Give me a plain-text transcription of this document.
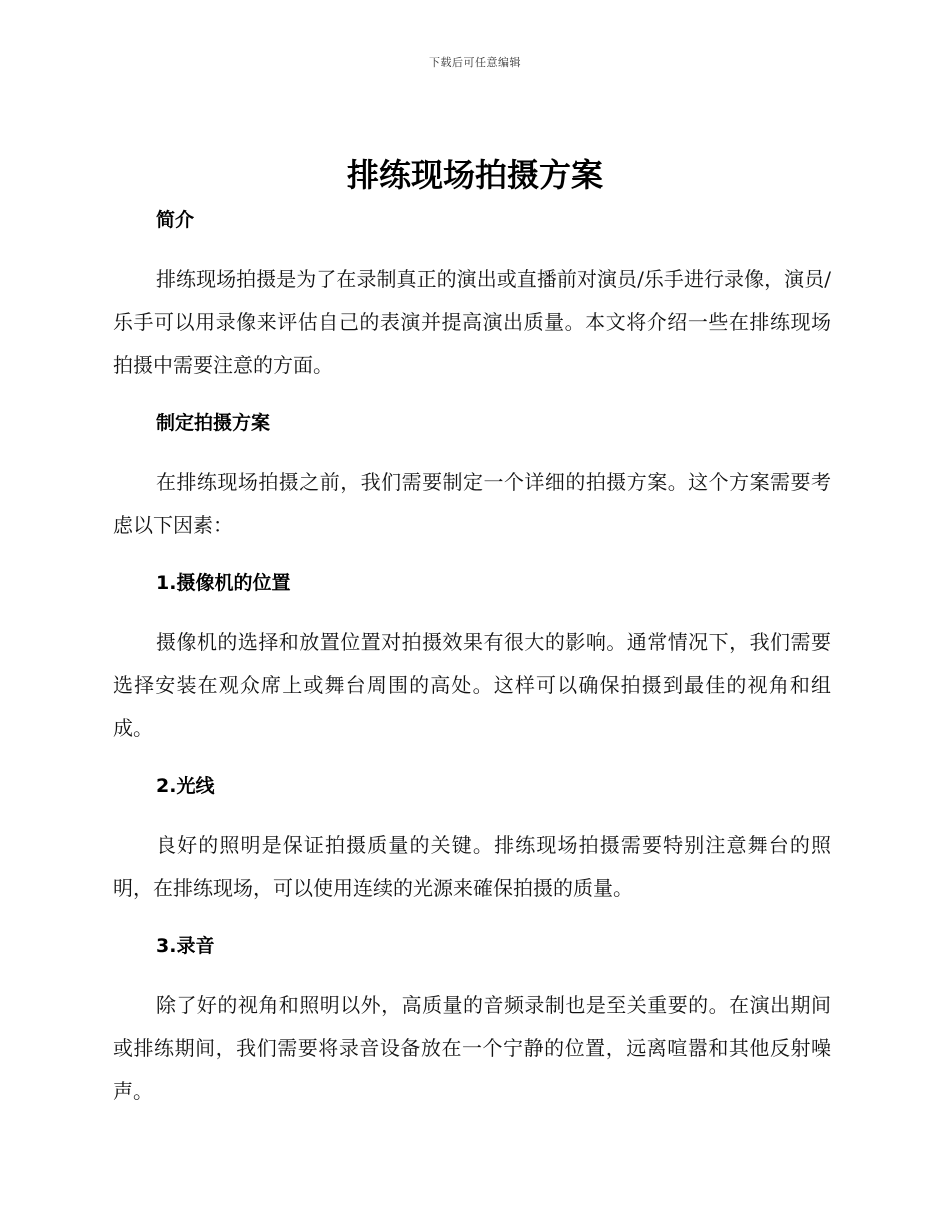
下载后可任意编辑
排练现场拍摄方案
简介

排练现场拍摄是为了在录制真正的演出或直播前对演员/乐手进行录像，演员/乐手可以用录像来评估自己的表演并提高演出质量。本文将介绍一些在排练现场拍摄中需要注意的方面。

制定拍摄方案

在排练现场拍摄之前，我们需要制定一个详细的拍摄方案。这个方案需要考虑以下因素：

1.摄像机的位置

摄像机的选择和放置位置对拍摄效果有很大的影响。通常情况下，我们需要选择安装在观众席上或舞台周围的高处。这样可以确保拍摄到最佳的视角和组成。

2.光线

良好的照明是保证拍摄质量的关键。排练现场拍摄需要特别注意舞台的照明，在排练现场，可以使用连续的光源来確保拍摄的质量。

3.录音

除了好的视角和照明以外，高质量的音频录制也是至关重要的。在演出期间或排练期间，我们需要将录音设备放在一个宁静的位置，远离喧嚣和其他反射噪声。
